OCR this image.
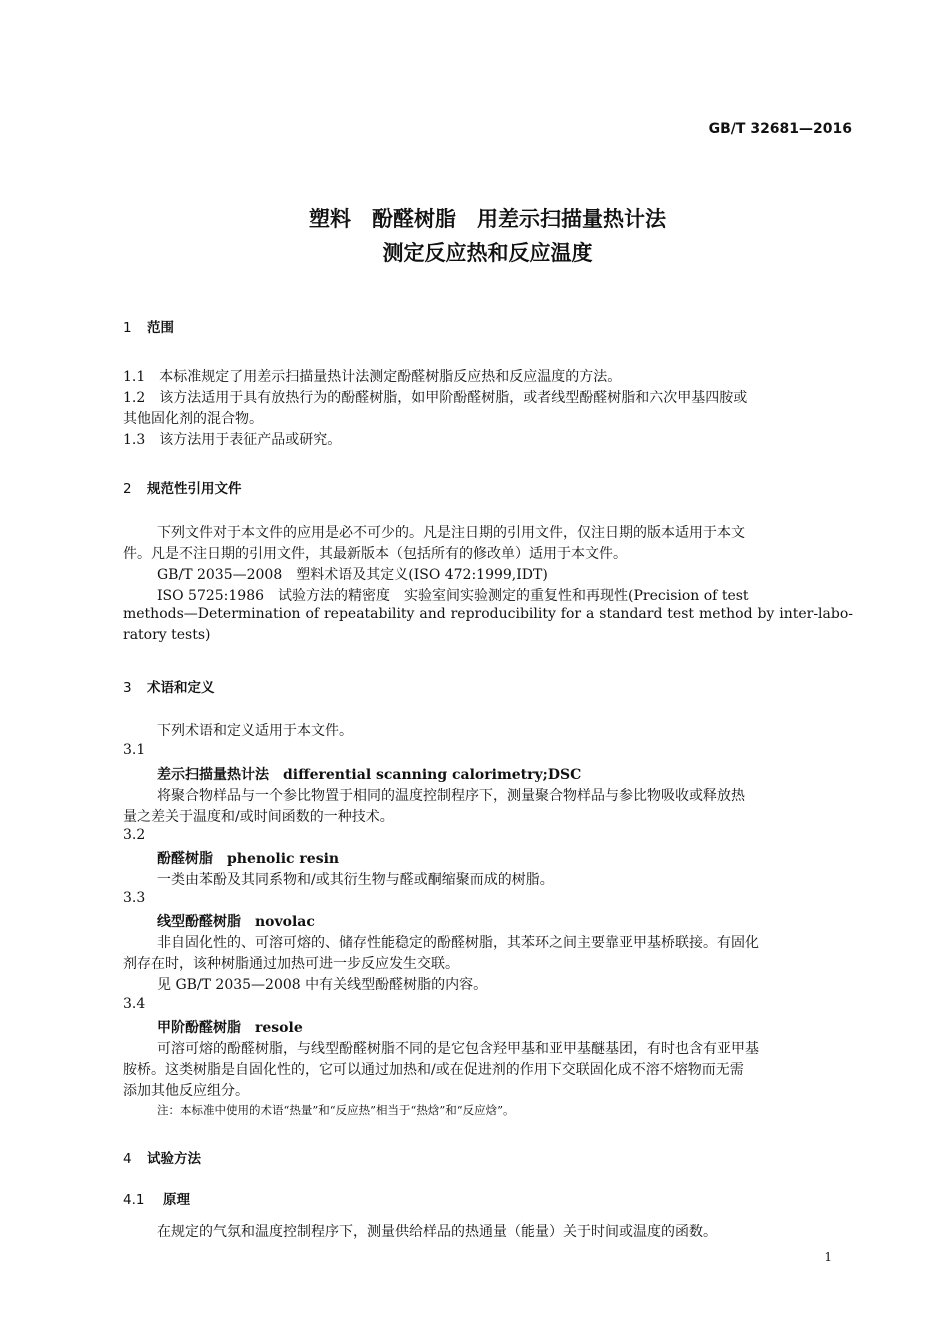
GB/T 32681—2016
塑料　酚醛树脂　用差示扫描量热计法
测定反应热和反应温度
1 范围
1.1　本标准规定了用差示扫描量热计法测定酚醛树脂反应热和反应温度的方法。
1.2　该方法适用于具有放热行为的酚醛树脂，如甲阶酚醛树脂，或者线型酚醛树脂和六次甲基四胺或
其他固化剂的混合物。
1.3　该方法用于表征产品或研究。
2 规范性引用文件
下列文件对于本文件的应用是必不可少的。凡是注日期的引用文件，仅注日期的版本适用于本文
件。凡是不注日期的引用文件，其最新版本（包括所有的修改单）适用于本文件。
GB/T 2035—2008　塑料术语及其定义(ISO 472:1999,IDT)
ISO 5725:1986　试验方法的精密度　实验室间实验测定的重复性和再现性(Precision of test
methods—Determination of repeatability and reproducibility for a standard test method by inter-labo-
ratory tests)
3 术语和定义
下列术语和定义适用于本文件。
3.1
差示扫描量热计法 differential scanning calorimetry;DSC
将聚合物样品与一个参比物置于相同的温度控制程序下，测量聚合物样品与参比物吸收或释放热
量之差关于温度和/或时间函数的一种技术。
3.2
酚醛树脂 phenolic resin
一类由苯酚及其同系物和/或其衍生物与醛或酮缩聚而成的树脂。
3.3
线型酚醛树脂 novolac
非自固化性的、可溶可熔的、储存性能稳定的酚醛树脂，其苯环之间主要靠亚甲基桥联接。有固化
剂存在时，该种树脂通过加热可进一步反应发生交联。
见 GB/T 2035—2008 中有关线型酚醛树脂的内容。
3.4
甲阶酚醛树脂 resole
可溶可熔的酚醛树脂，与线型酚醛树脂不同的是它包含羟甲基和亚甲基醚基团，有时也含有亚甲基
胺桥。这类树脂是自固化性的，它可以通过加热和/或在促进剂的作用下交联固化成不溶不熔物而无需
添加其他反应组分。
注：本标准中使用的术语“热量”和“反应热”相当于“热焓”和“反应焓”。
4 试验方法
4.1 原理
在规定的气氛和温度控制程序下，测量供给样品的热通量（能量）关于时间或温度的函数。
1
